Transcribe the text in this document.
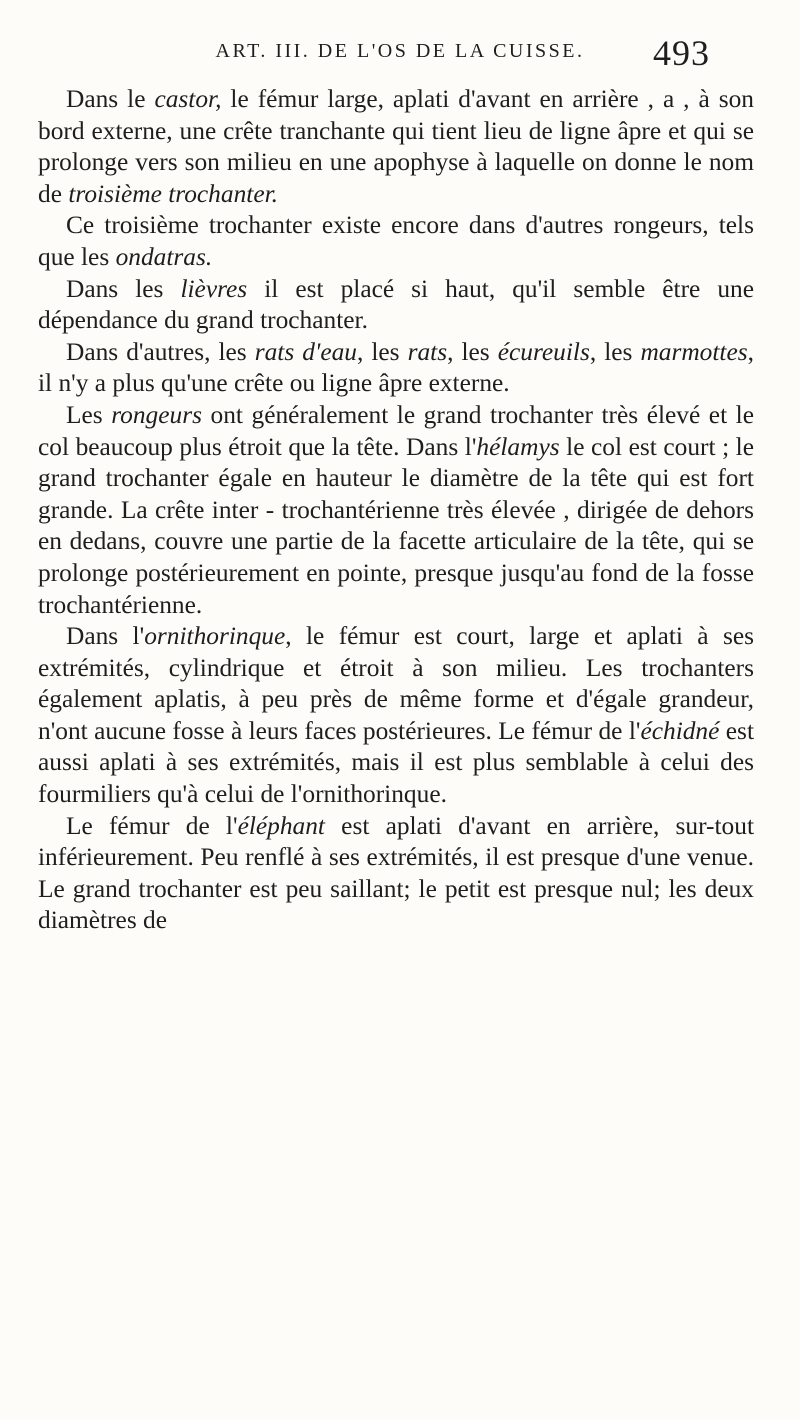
ART. III. DE L'OS DE LA CUISSE.	493

Dans le castor, le fémur large, aplati d'avant en arrière , a , à son bord externe, une crête tranchante qui tient lieu de ligne âpre et qui se prolonge vers son milieu en une apophyse à laquelle on donne le nom de troisième trochanter.

Ce troisième trochanter existe encore dans d'autres rongeurs, tels que les ondatras.

Dans les lièvres il est placé si haut, qu'il semble être une dépendance du grand trochanter.

Dans d'autres, les rats d'eau, les rats, les écureuils, les marmottes, il n'y a plus qu'une crête ou ligne âpre externe.

Les rongeurs ont généralement le grand trochanter très élevé et le col beaucoup plus étroit que la tête. Dans l'hélamys le col est court ; le grand trochanter égale en hauteur le diamètre de la tête qui est fort grande. La crête inter - trochantérienne très élevée , dirigée de dehors en dedans, couvre une partie de la facette articulaire de la tête, qui se prolonge postérieurement en pointe, presque jusqu'au fond de la fosse trochantérienne.

Dans l'ornithorinque, le fémur est court, large et aplati à ses extrémités, cylindrique et étroit à son milieu. Les trochanters également aplatis, à peu près de même forme et d'égale grandeur, n'ont aucune fosse à leurs faces postérieures. Le fémur de l'échidné est aussi aplati à ses extrémités, mais il est plus semblable à celui des fourmiliers qu'à celui de l'ornithorinque.

Le fémur de l'éléphant est aplati d'avant en arrière, sur-tout inférieurement. Peu renflé à ses extrémités, il est presque d'une venue. Le grand trochanter est peu saillant; le petit est presque nul; les deux diamètres de
